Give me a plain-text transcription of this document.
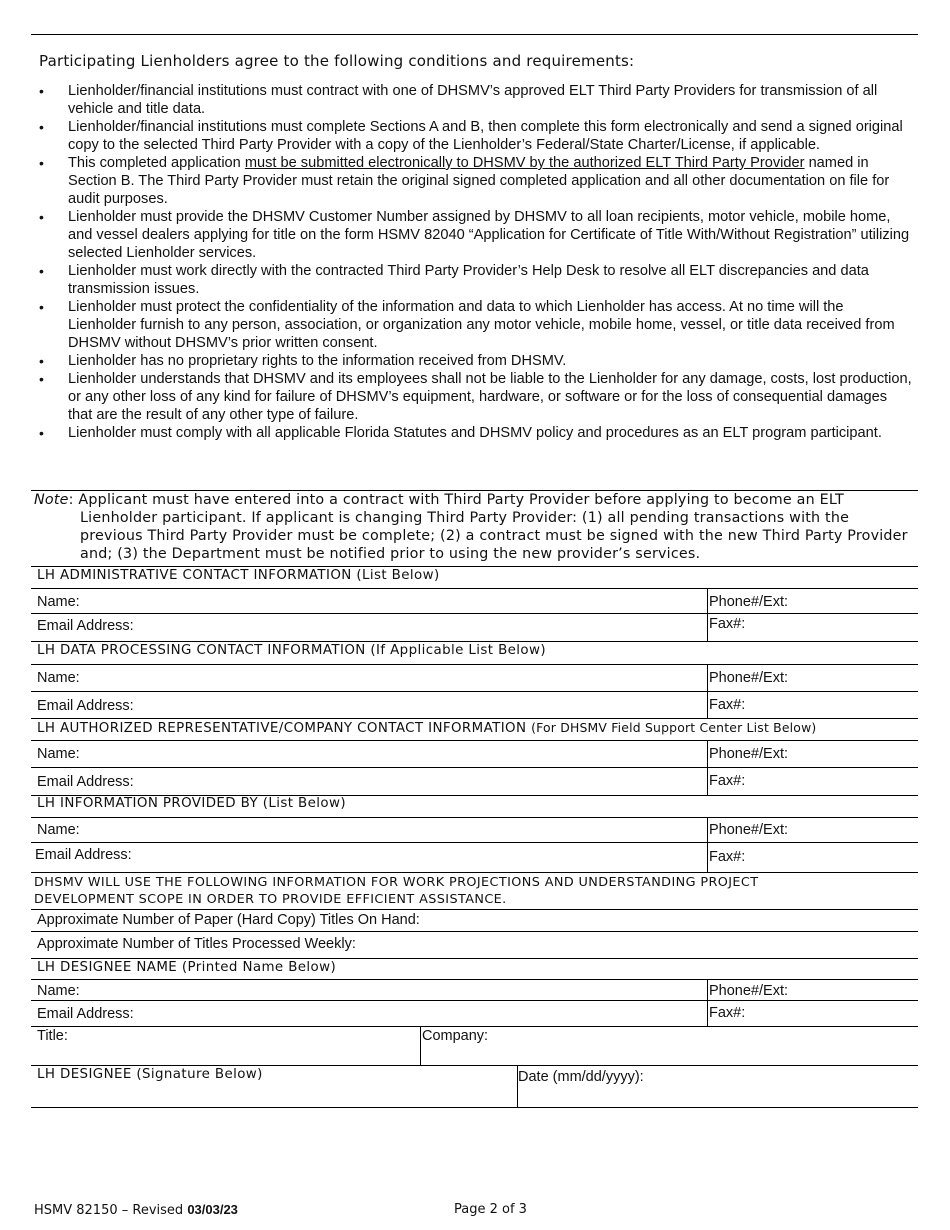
Participating Lienholders agree to the following conditions and requirements:
• Lienholder/financial institutions must contract with one of DHSMV’s approved ELT Third Party Providers for transmission of all vehicle and title data.
• Lienholder/financial institutions must complete Sections A and B, then complete this form electronically and send a signed original copy to the selected Third Party Provider with a copy of the Lienholder’s Federal/State Charter/License, if applicable.
• This completed application must be submitted electronically to DHSMV by the authorized ELT Third Party Provider named in Section B. The Third Party Provider must retain the original signed completed application and all other documentation on file for audit purposes.
• Lienholder must provide the DHSMV Customer Number assigned by DHSMV to all loan recipients, motor vehicle, mobile home, and vessel dealers applying for title on the form HSMV 82040 “Application for Certificate of Title With/Without Registration” utilizing selected Lienholder services.
• Lienholder must work directly with the contracted Third Party Provider’s Help Desk to resolve all ELT discrepancies and data transmission issues.
• Lienholder must protect the confidentiality of the information and data to which Lienholder has access. At no time will the Lienholder furnish to any person, association, or organization any motor vehicle, mobile home, vessel, or title data received from DHSMV without DHSMV’s prior written consent.
• Lienholder has no proprietary rights to the information received from DHSMV.
• Lienholder understands that DHSMV and its employees shall not be liable to the Lienholder for any damage, costs, lost production, or any other loss of any kind for failure of DHSMV’s equipment, hardware, or software or for the loss of consequential damages that are the result of any other type of failure.
• Lienholder must comply with all applicable Florida Statutes and DHSMV policy and procedures as an ELT program participant.

Note: Applicant must have entered into a contract with Third Party Provider before applying to become an ELT Lienholder participant. If applicant is changing Third Party Provider: (1) all pending transactions with the previous Third Party Provider must be complete; (2) a contract must be signed with the new Third Party Provider and; (3) the Department must be notified prior to using the new provider’s services.

LH ADMINISTRATIVE CONTACT INFORMATION (List Below)
Name:	Phone#/Ext:
Email Address:	Fax#:
LH DATA PROCESSING CONTACT INFORMATION (If Applicable List Below)
Name:	Phone#/Ext:
Email Address:	Fax#:
LH AUTHORIZED REPRESENTATIVE/COMPANY CONTACT INFORMATION (For DHSMV Field Support Center List Below)
Name:	Phone#/Ext:
Email Address:	Fax#:
LH INFORMATION PROVIDED BY (List Below)
Name:	Phone#/Ext:
Email Address:	Fax#:
DHSMV WILL USE THE FOLLOWING INFORMATION FOR WORK PROJECTIONS AND UNDERSTANDING PROJECT
DEVELOPMENT SCOPE IN ORDER TO PROVIDE EFFICIENT ASSISTANCE.
Approximate Number of Paper (Hard Copy) Titles On Hand:
Approximate Number of Titles Processed Weekly:
LH DESIGNEE NAME (Printed Name Below)
Name:	Phone#/Ext:
Email Address:	Fax#:
Title:	Company:
LH DESIGNEE (Signature Below)	Date (mm/dd/yyyy):
HSMV 82150 – Revised 03/03/23	Page 2 of 3
